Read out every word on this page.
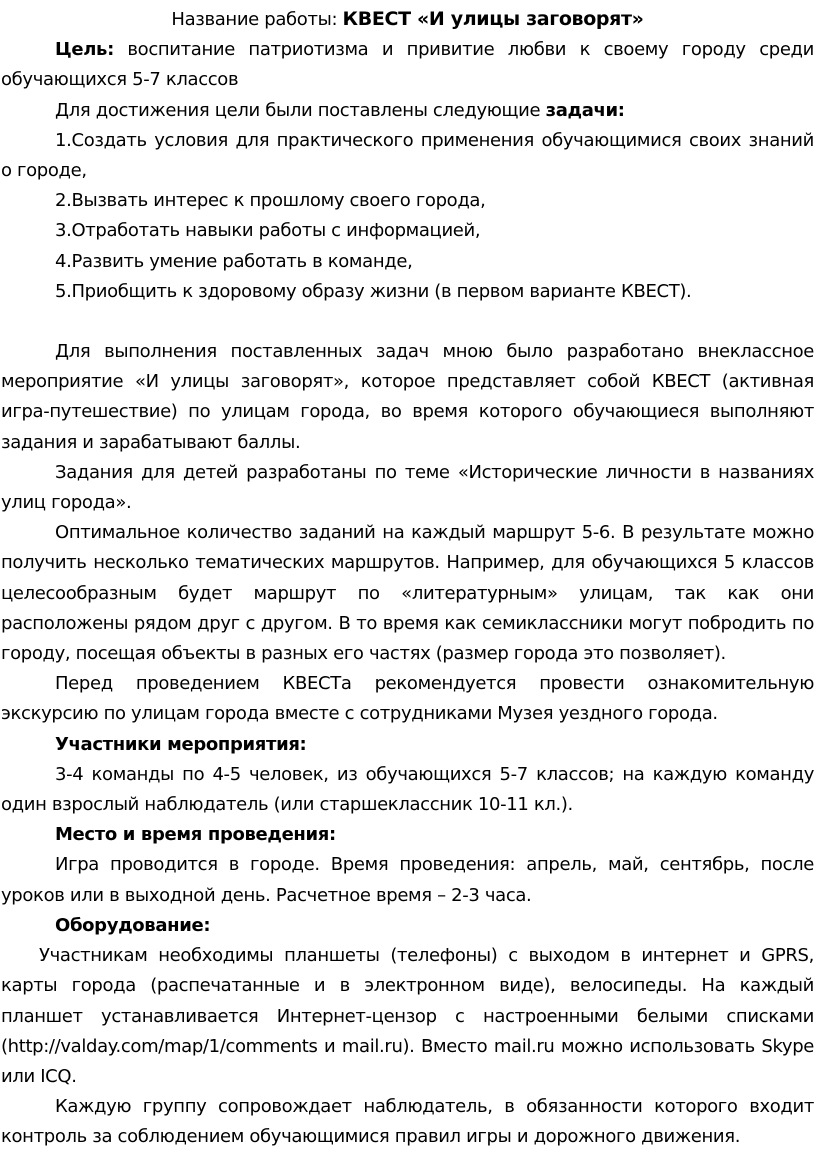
Название работы: КВЕСТ «И улицы заговорят»

Цель: воспитание патриотизма и привитие любви к своему городу среди обучающихся 5-7 классов

Для достижения цели были поставлены следующие задачи:

1.Создать условия для практического применения обучающимися своих знаний о городе,

2.Вызвать интерес к прошлому своего города,

3.Отработать навыки работы с информацией,

4.Развить умение работать в команде,

5.Приобщить к здоровому образу жизни (в первом варианте КВЕСТ).

Для выполнения поставленных задач мною было разработано внеклассное мероприятие «И улицы заговорят», которое представляет собой КВЕСТ (активная игра-путешествие) по улицам города, во время которого обучающиеся выполняют задания и зарабатывают баллы.

Задания для детей разработаны по теме «Исторические личности в названиях улиц города».

Оптимальное количество заданий на каждый маршрут 5-6. В результате можно получить несколько тематических маршрутов. Например, для обучающихся 5 классов целесообразным будет маршрут по «литературным» улицам, так как они расположены рядом друг с другом. В то время как семиклассники могут побродить по городу, посещая объекты в разных его частях (размер города это позволяет).

Перед проведением КВЕСТа рекомендуется провести ознакомительную экскурсию по улицам города вместе с сотрудниками Музея уездного города.

Участники мероприятия:

3-4 команды по 4-5 человек, из обучающихся 5-7 классов; на каждую команду один взрослый наблюдатель (или старшеклассник 10-11 кл.).

Место и время проведения:

Игра проводится в городе. Время проведения: апрель, май, сентябрь, после уроков или в выходной день. Расчетное время – 2-3 часа.

Оборудование:

Участникам необходимы планшеты (телефоны) с выходом в интернет и GPRS, карты города (распечатанные и в электронном виде), велосипеды. На каждый планшет устанавливается Интернет-цензор с настроенными белыми списками (http://valday.com/map/1/comments и mail.ru). Вместо mail.ru можно использовать Skype или ICQ.

Каждую группу сопровождает наблюдатель, в обязанности которого входит контроль за соблюдением обучающимися правил игры и дорожного движения.
